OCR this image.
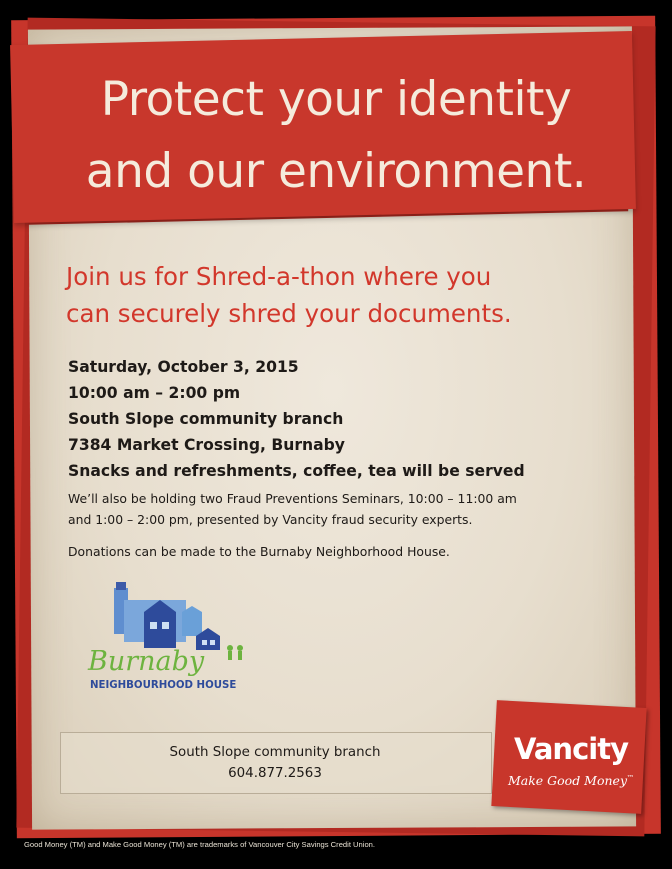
Protect your identity
and our environment.
Join us for Shred-a-thon where you
can securely shred your documents.
Saturday, October 3, 2015
10:00 am – 2:00 pm
South Slope community branch
7384 Market Crossing, Burnaby
Snacks and refreshments, coffee, tea will be served
We’ll also be holding two Fraud Preventions Seminars, 10:00 – 11:00 am
and 1:00 – 2:00 pm, presented by Vancity fraud security experts.
Donations can be made to the Burnaby Neighborhood House.
Burnaby
NEIGHBOURHOOD HOUSE
South Slope community branch
604.877.2563
Vancity
Make Good Money™
Good Money (TM) and Make Good Money (TM) are trademarks of Vancouver City Savings Credit Union.
